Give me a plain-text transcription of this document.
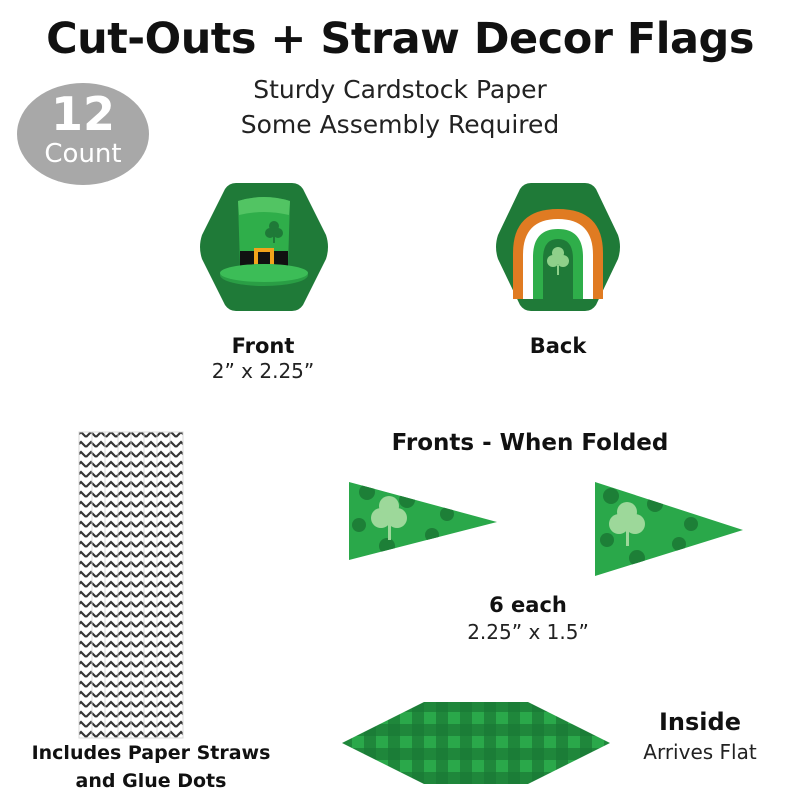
Cut-Outs + Straw Decor Flags
Sturdy Cardstock Paper
Some Assembly Required
12
Count
Front
2” x 2.25”
Back
Includes Paper Straws
and Glue Dots
Fronts - When Folded
6 each
2.25” x 1.5”
Inside
Arrives Flat
